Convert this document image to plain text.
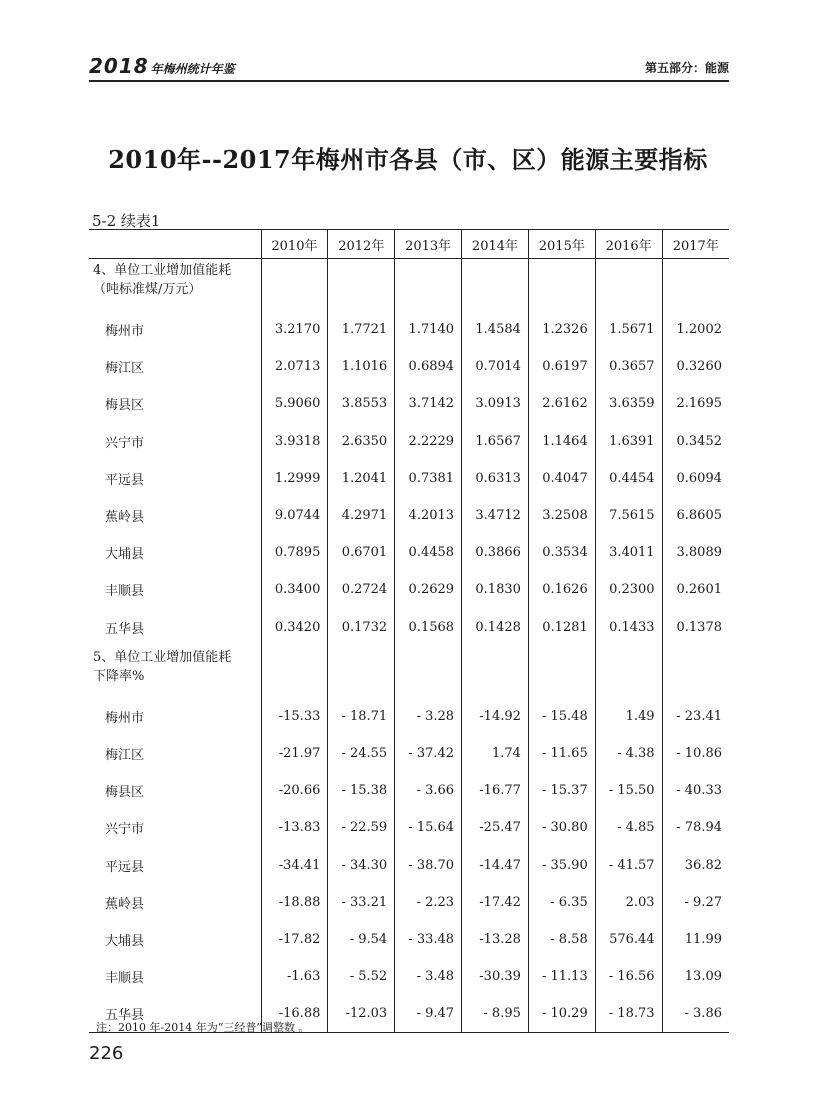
2018 年梅州统计年鉴	第五部分：能源
2010年--2017年梅州市各县（市、区）能源主要指标
5-2 续表1
	2010年	2012年	2013年	2014年	2015年	2016年	2017年
4、单位工业增加值能耗
（吨标准煤/万元）							
梅州市	3.2170	1.7721	1.7140	1.4584	1.2326	1.5671	1.2002
梅江区	2.0713	1.1016	0.6894	0.7014	0.6197	0.3657	0.3260
梅县区	5.9060	3.8553	3.7142	3.0913	2.6162	3.6359	2.1695
兴宁市	3.9318	2.6350	2.2229	1.6567	1.1464	1.6391	0.3452
平远县	1.2999	1.2041	0.7381	0.6313	0.4047	0.4454	0.6094
蕉岭县	9.0744	4.2971	4.2013	3.4712	3.2508	7.5615	6.8605
大埔县	0.7895	0.6701	0.4458	0.3866	0.3534	3.4011	3.8089
丰顺县	0.3400	0.2724	0.2629	0.1830	0.1626	0.2300	0.2601
五华县	0.3420	0.1732	0.1568	0.1428	0.1281	0.1433	0.1378
5、单位工业增加值能耗
下降率%							
梅州市	-15.33	- 18.71	- 3.28	-14.92	- 15.48	1.49	- 23.41
梅江区	-21.97	- 24.55	- 37.42	1.74	- 11.65	- 4.38	- 10.86
梅县区	-20.66	- 15.38	- 3.66	-16.77	- 15.37	- 15.50	- 40.33
兴宁市	-13.83	- 22.59	- 15.64	-25.47	- 30.80	- 4.85	- 78.94
平远县	-34.41	- 34.30	- 38.70	-14.47	- 35.90	- 41.57	36.82
蕉岭县	-18.88	- 33.21	- 2.23	-17.42	- 6.35	2.03	- 9.27
大埔县	-17.82	- 9.54	- 33.48	-13.28	- 8.58	576.44	11.99
丰顺县	-1.63	- 5.52	- 3.48	-30.39	- 11.13	- 16.56	13.09
五华县	-16.88	-12.03	- 9.47	- 8.95	- 10.29	- 18.73	- 3.86
注：2010 年-2014 年为“三经普”调整数 。
226
